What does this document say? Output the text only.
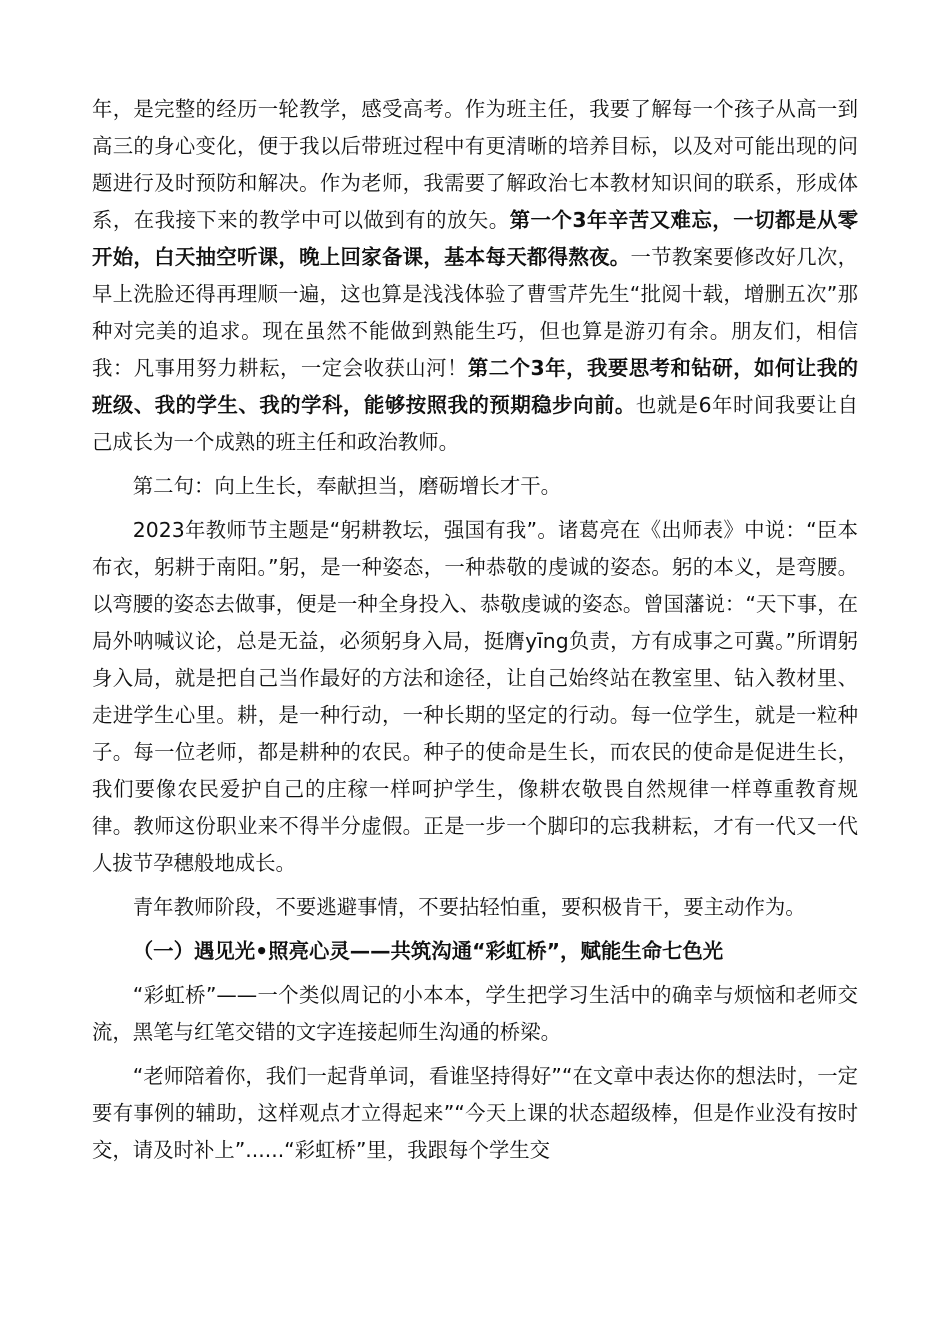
年，是完整的经历一轮教学，感受高考。作为班主任，我要了解每一个孩子从高一到高三的身心变化，便于我以后带班过程中有更清晰的培养目标，以及对可能出现的问题进行及时预防和解决。作为老师，我需要了解政治七本教材知识间的联系，形成体系，在我接下来的教学中可以做到有的放矢。第一个3年辛苦又难忘，一切都是从零开始，白天抽空听课，晚上回家备课，基本每天都得熬夜。一节教案要修改好几次，早上洗脸还得再理顺一遍，这也算是浅浅体验了曹雪芹先生“批阅十载，增删五次”那种对完美的追求。现在虽然不能做到熟能生巧，但也算是游刃有余。朋友们，相信我：凡事用努力耕耘，一定会收获山河！第二个3年，我要思考和钻研，如何让我的班级、我的学生、我的学科，能够按照我的预期稳步向前。也就是6年时间我要让自己成长为一个成熟的班主任和政治教师。

第二句：向上生长，奉献担当，磨砺增长才干。

2023年教师节主题是“躬耕教坛，强国有我”。诸葛亮在《出师表》中说：“臣本布衣，躬耕于南阳。”躬，是一种姿态，一种恭敬的虔诚的姿态。躬的本义，是弯腰。以弯腰的姿态去做事，便是一种全身投入、恭敬虔诚的姿态。曾国藩说：“天下事，在局外呐喊议论，总是无益，必须躬身入局，挺膺yīng负责，方有成事之可冀。”所谓躬身入局，就是把自己当作最好的方法和途径，让自己始终站在教室里、钻入教材里、走进学生心里。耕，是一种行动，一种长期的坚定的行动。每一位学生，就是一粒种子。每一位老师，都是耕种的农民。种子的使命是生长，而农民的使命是促进生长，我们要像农民爱护自己的庄稼一样呵护学生，像耕农敬畏自然规律一样尊重教育规律。教师这份职业来不得半分虚假。正是一步一个脚印的忘我耕耘，才有一代又一代人拔节孕穗般地成长。

青年教师阶段，不要逃避事情，不要拈轻怕重，要积极肯干，要主动作为。

（一）遇见光•照亮心灵——共筑沟通“彩虹桥”，赋能生命七色光

“彩虹桥”——一个类似周记的小本本，学生把学习生活中的确幸与烦恼和老师交流，黑笔与红笔交错的文字连接起师生沟通的桥梁。

“老师陪着你，我们一起背单词，看谁坚持得好”“在文章中表达你的想法时，一定要有事例的辅助，这样观点才立得起来”“今天上课的状态超级棒，但是作业没有按时交，请及时补上”......“彩虹桥”里，我跟每个学生交
